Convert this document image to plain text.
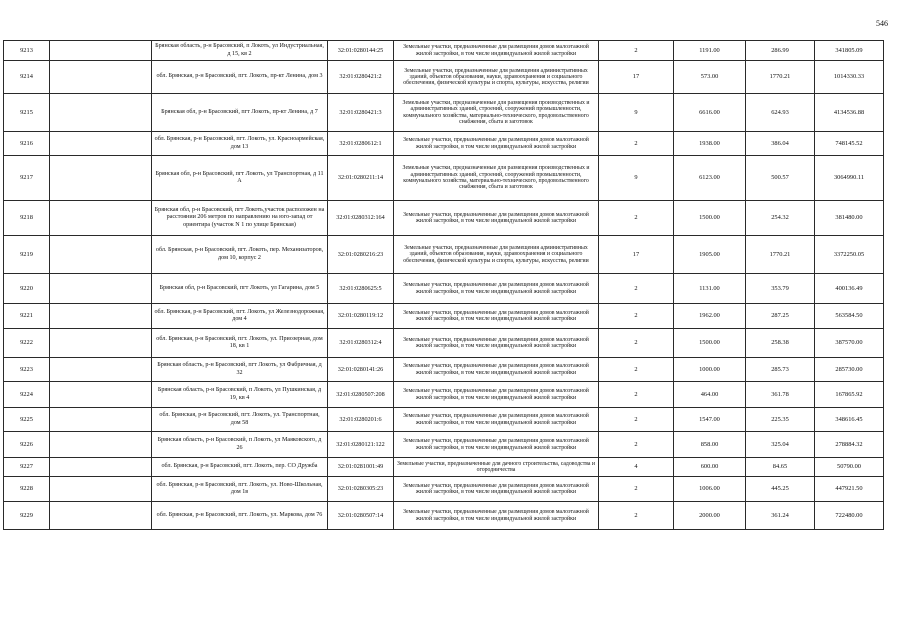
546
9213		Брянская область, р-н Брасовский, п Локоть, ул Индустриальная, д 15, кв 2	32:01:0280144:25	Земельные участки, предназначенные для размещения домов малоэтажной жилой застройки, в том числе индивидуальной жилой застройки	2	1191.00	286.99	341805.09
9214		обл. Брянская, р-н Брасовский, пгт. Локоть, пр-кт Ленина, дом 3	32:01:0280421:2	Земельные участки, предназначенные для размещения административных зданий, объектов образования, науки, здравоохранения и социального обеспечения, физической культуры и спорта, культуры, искусства, религии	17	573.00	1770.21	1014330.33
9215		Брянская обл, р-н Брасовский, пгт Локоть, пр-кт Ленина, д 7	32:01:0280421:3	Земельные участки, предназначенные для размещения производственных и административных зданий, строений, сооружений промышленности, коммунального хозяйства, материально-технического, продовольственного снабжения, сбыта и заготовок	9	6616.00	624.93	4134536.88
9216		обл. Брянская, р-н Брасовский, пгт. Локоть, ул. Красноармейская, дом 13	32:01:0280612:1	Земельные участки, предназначенные для размещения домов малоэтажной жилой застройки, в том числе индивидуальной жилой застройки	2	1938.00	386.04	748145.52
9217		Брянская обл, р-н Брасовский, пгт Локоть, ул Транспортная, д 11 А	32:01:0280211:14	Земельные участки, предназначенные для размещения производственных и административных зданий, строений, сооружений промышленности, коммунального хозяйства, материально-технического, продовольственного снабжения, сбыта и заготовок	9	6123.00	500.57	3064990.11
9218		Брянская обл, р-н Брасовский, пгт Локоть,участок расположен на расстоянии 206 метров по направлению на юго-запад от ориентира (участок N 1 по улице Брянская)	32:01:0280312:164	Земельные участки, предназначенные для размещения домов малоэтажной жилой застройки, в том числе индивидуальной жилой застройки	2	1500.00	254.32	381480.00
9219		обл. Брянская, р-н Брасовский, пгт. Локоть, пер. Механизаторов, дом 10, корпус 2	32:01:0280216:23	Земельные участки, предназначенные для размещения административных зданий, объектов образования, науки, здравоохранения и социального обеспечения, физической культуры и спорта, культуры, искусства, религии	17	1905.00	1770.21	3372250.05
9220		Брянская обл, р-н Брасовский, пгт Локоть, ул Гагарина, дом 5	32:01:0280625:5	Земельные участки, предназначенные для размещения домов малоэтажной жилой застройки, в том числе индивидуальной жилой застройки	2	1131.00	353.79	400136.49
9221		обл. Брянская, р-н Брасовский, пгт. Локоть, ул Железнодорожная, дом 4	32:01:0280119:12	Земельные участки, предназначенные для размещения домов малоэтажной жилой застройки, в том числе индивидуальной жилой застройки	2	1962.00	287.25	563584.50
9222		обл. Брянская, р-н Брасовский, пгт. Локоть, ул. Приозерная, дом 18, кв 1	32:01:0280312:4	Земельные участки, предназначенные для размещения домов малоэтажной жилой застройки, в том числе индивидуальной жилой застройки	2	1500.00	258.38	387570.00
9223		Брянская область, р-н Брасовский, пгт Локоть, ул Фабричная, д 32	32:01:0280141:26	Земельные участки, предназначенные для размещения домов малоэтажной жилой застройки, в том числе индивидуальной жилой застройки	2	1000.00	285.73	285730.00
9224		Брянская область, р-н Брасовский, п Локоть, ул Пушкинская, д 19, кв 4	32:01:0280507:208	Земельные участки, предназначенные для размещения домов малоэтажной жилой застройки, в том числе индивидуальной жилой застройки	2	464.00	361.78	167865.92
9225		обл. Брянская, р-н Брасовский, пгт. Локоть, ул. Транспортная, дом 58	32:01:0280201:6	Земельные участки, предназначенные для размещения домов малоэтажной жилой застройки, в том числе индивидуальной жилой застройки	2	1547.00	225.35	348616.45
9226		Брянская область, р-н Брасовский, п Локоть, ул Маяковского, д 26	32:01:0280121:122	Земельные участки, предназначенные для размещения домов малоэтажной жилой застройки, в том числе индивидуальной жилой застройки	2	858.00	325.04	278884.32
9227		обл. Брянская, р-н Брасовский, пгт. Локоть, пер. СО Дружба	32:01:0281001:49	Земельные участки, предназначенные для дачного строительства, садоводства и огородничества	4	600.00	84.65	50790.00
9228		обл. Брянская, р-н Брасовский, пгт. Локоть, ул. Ново-Школьная, дом 1в	32:01:0280305:23	Земельные участки, предназначенные для размещения домов малоэтажной жилой застройки, в том числе индивидуальной жилой застройки	2	1006.00	445.25	447921.50
9229		обл. Брянская, р-н Брасовский, пгт. Локоть, ул. Маркова, дом 76	32:01:0280507:14	Земельные участки, предназначенные для размещения домов малоэтажной жилой застройки, в том числе индивидуальной жилой застройки	2	2000.00	361.24	722480.00
